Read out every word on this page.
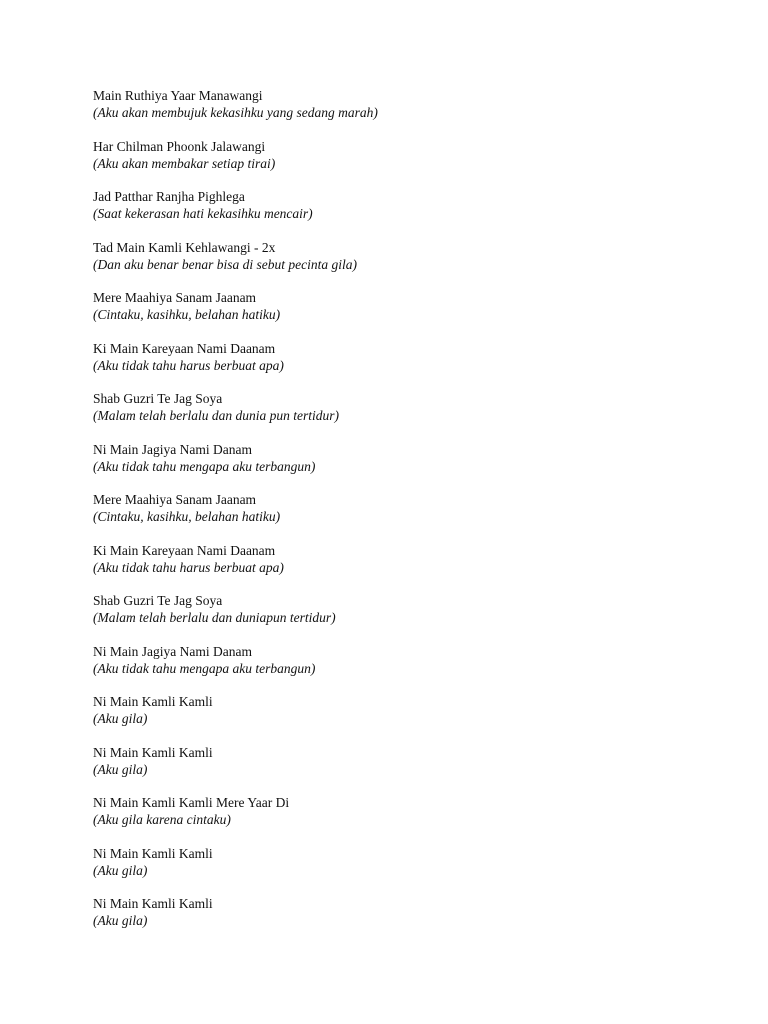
Main Ruthiya Yaar Manawangi
(Aku akan membujuk kekasihku yang sedang marah)
Har Chilman Phoonk Jalawangi
(Aku akan membakar setiap tirai)
Jad Patthar Ranjha Pighlega
(Saat kekerasan hati kekasihku mencair)
Tad Main Kamli Kehlawangi - 2x
(Dan aku benar benar bisa di sebut pecinta gila)
Mere Maahiya Sanam Jaanam
(Cintaku, kasihku, belahan hatiku)
Ki Main Kareyaan Nami Daanam
(Aku tidak tahu harus berbuat apa)
Shab Guzri Te Jag Soya
(Malam telah berlalu dan dunia pun tertidur)
Ni Main Jagiya Nami Danam
(Aku tidak tahu mengapa aku terbangun)
Mere Maahiya Sanam Jaanam
(Cintaku, kasihku, belahan hatiku)
Ki Main Kareyaan Nami Daanam
(Aku tidak tahu harus berbuat apa)
Shab Guzri Te Jag Soya
(Malam telah berlalu dan duniapun tertidur)
Ni Main Jagiya Nami Danam
(Aku tidak tahu mengapa aku terbangun)
Ni Main Kamli Kamli
(Aku gila)
Ni Main Kamli Kamli
(Aku gila)
Ni Main Kamli Kamli Mere Yaar Di
(Aku gila karena cintaku)
Ni Main Kamli Kamli
(Aku gila)
Ni Main Kamli Kamli
(Aku gila)
